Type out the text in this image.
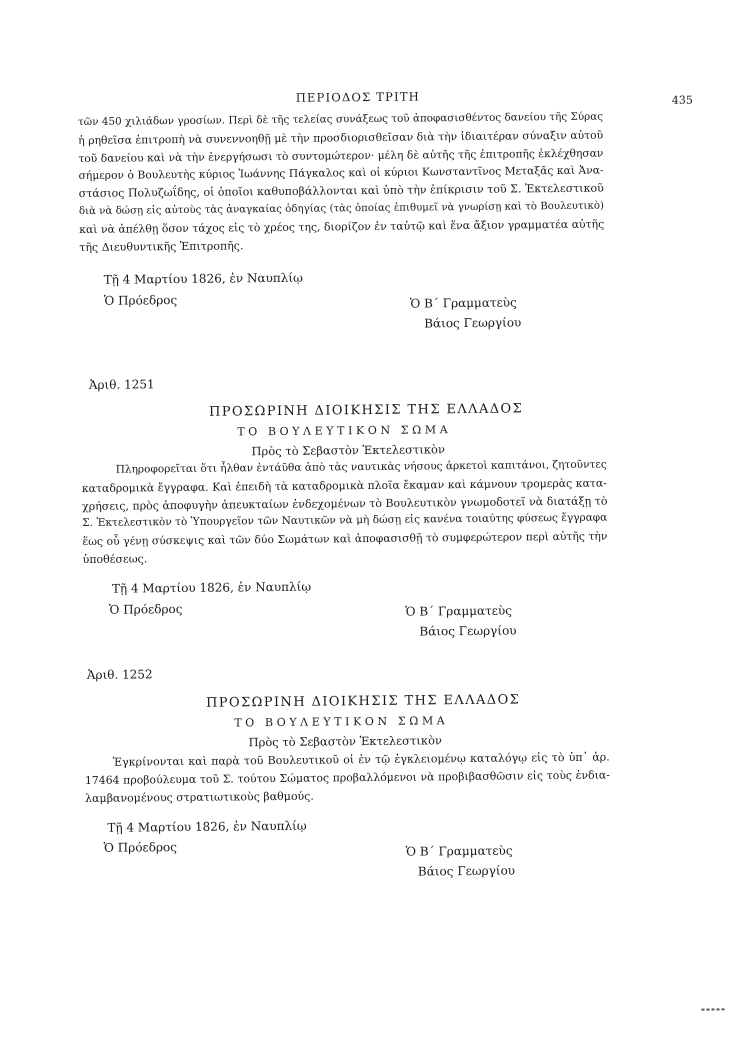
ΠΕΡΙΟΔΟΣ ΤΡΙΤΗ	435
τῶν 450 χιλιάδων γροσίων. Περὶ δὲ τῆς τελείας συνάξεως τοῦ ἀποφασισθέντος δανείου τῆς Σύρας
ἡ ρηθεῖσα ἐπιτροπὴ νὰ συνεννοηθῇ μὲ τὴν προσδιορισθεῖσαν διὰ τὴν ἰδιαιτέραν σύναξιν αὐτοῦ
τοῦ δανείου καὶ νὰ τὴν ἐνεργήσωσι τὸ συντομώτερον· μέλη δὲ αὐτῆς τῆς ἐπιτροπῆς ἐκλέχθησαν
σήμερον ὁ Βουλευτὴς κύριος Ἰωάννης Πάγκαλος καὶ οἱ κύριοι Κωνσταντῖνος Μεταξᾶς καὶ Ἀνα-
στάσιος Πολυζωΐδης, οἱ ὁποῖοι καθυποβάλλονται καὶ ὑπὸ τὴν ἐπίκρισιν τοῦ Σ. Ἐκτελεστικοῦ
διὰ νὰ δώσῃ εἰς αὐτοὺς τὰς ἀναγκαίας ὁδηγίας (τὰς ὁποίας ἐπιθυμεῖ νὰ γνωρίσῃ καὶ τὸ Βουλευτικὸ)
καὶ νὰ ἀπέλθῃ ὅσον τάχος εἰς τὸ χρέος της, διορίζον ἐν ταὐτῷ καὶ ἕνα ἄξιον γραμματέα αὐτῆς
τῆς Διευθυντικῆς Ἐπιτροπῆς.
Τῇ 4 Μαρτίου 1826, ἐν Ναυπλίῳ
Ὁ Πρόεδρος	Ὁ Β΄ Γραμματεὺς
Βάιος Γεωργίου
Ἀριθ. 1251
ΠΡΟΣΩΡΙΝΗ ΔΙΟΙΚΗΣΙΣ ΤΗΣ ΕΛΛΑΔΟΣ
ΤΟ ΒΟΥΛΕΥΤΙΚΟΝ ΣΩΜΑ
Πρὸς τὸ Σεβαστὸν Ἐκτελεστικὸν
Πληροφορεῖται ὅτι ἦλθαν ἐντάῦθα ἀπὸ τὰς ναυτικὰς νήσους ἀρκετοὶ καπιτάνοι, ζητοῦντες
καταδρομικὰ ἔγγραφα. Καὶ ἐπειδὴ τὰ καταδρομικὰ πλοῖα ἔκαμαν καὶ κάμνουν τρομερὰς κατα-
χρήσεις, πρὸς ἀποφυγὴν ἀπευκταίων ἐνδεχομένων τὸ Βουλευτικὸν γνωμοδοτεῖ νὰ διατάξῃ τὸ
Σ. Ἐκτελεστικὸν τὸ Ὑπουργεῖον τῶν Ναυτικῶν νὰ μὴ δώσῃ εἰς κανένα τοιαύτης φύσεως ἔγγραφα
ἕως οὗ γένῃ σύσκεψις καὶ τῶν δύο Σωμάτων καὶ ἀποφασισθῇ τὸ συμφερώτερον περὶ αὐτῆς τὴν
ὑποθέσεως.
Τῇ 4 Μαρτίου 1826, ἐν Ναυπλίῳ
Ὁ Πρόεδρος	Ὁ Β΄ Γραμματεὺς
Βάιος Γεωργίου
Ἀριθ. 1252
ΠΡΟΣΩΡΙΝΗ ΔΙΟΙΚΗΣΙΣ ΤΗΣ ΕΛΛΑΔΟΣ
ΤΟ ΒΟΥΛΕΥΤΙΚΟΝ ΣΩΜΑ
Πρὸς τὸ Σεβαστὸν Ἐκτελεστικὸν
Ἐγκρίνονται καὶ παρὰ τοῦ Βουλευτικοῦ οἱ ἐν τῷ ἐγκλειομένῳ καταλόγῳ εἰς τὸ ὑπ᾽ ἀρ.
17464 προβούλευμα τοῦ Σ. τούτου Σώματος προβαλλόμενοι νὰ προβιβασθῶσιν εἰς τοὺς ἐνδια-
λαμβανομένους στρατιωτικοὺς βαθμούς.
Τῇ 4 Μαρτίου 1826, ἐν Ναυπλίῳ
Ὁ Πρόεδρος	Ὁ Β΄ Γραμματεὺς
Βάιος Γεωργίου
